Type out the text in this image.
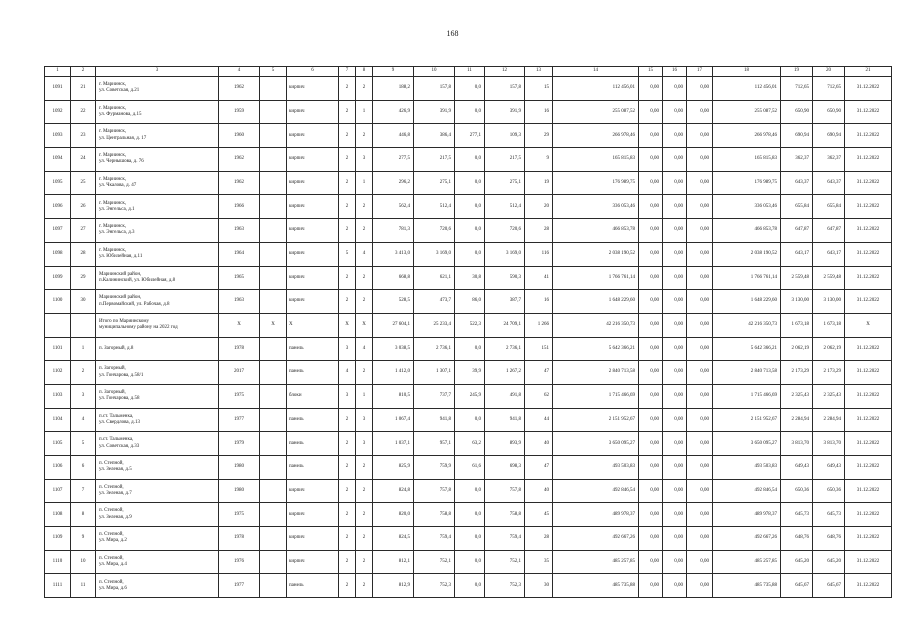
168
1	2	3	4	5	6	7	8	9	10	11	12	13	14	15	16	17	18	19	20	21
1091	21	г. Мариинск,
ул. Советская, д.21	1962		кирпич	2	2	188,2	157,8	0,0	157,8	15	112 456,01	0,00	0,00	0,00	112 456,01	712,65	712,65	31.12.2022
1092	22	г. Мариинск,
ул. Фурманова, д.15	1959		кирпич	2	1	426,9	391,9	0,0	391,9	16	255 087,52	0,00	0,00	0,00	255 087,52	650,90	650,90	31.12.2022
1093	23	г. Мариинск,
ул. Центральная, д. 17	1960		кирпич	2	2	446,8	386,4	277,1	109,3	29	266 978,46	0,00	0,00	0,00	266 978,46	690,94	690,94	31.12.2022
1094	24	г. Мариинск,
ул. Чернышова, д. 76	1962		кирпич	2	3	277,5	217,5	0,0	217,5	9	165 815,83	0,00	0,00	0,00	165 815,83	362,37	362,37	31.12.2022
1095	25	г. Мариинск,
ул. Чкалова, д. 47	1962		кирпич	2	1	296,2	275,1	0,0	275,1	19	176 989,75	0,00	0,00	0,00	176 989,75	643,37	643,37	31.12.2022
1096	26	г. Мариинск,
ул. Энгельса, д.1	1966		кирпич	2	2	562,4	512,4	0,0	512,4	20	336 053,46	0,00	0,00	0,00	336 053,46	655,84	655,84	31.12.2022
1097	27	г. Мариинск,
ул. Энгельса, д.3	1963		кирпич	2	2	781,3	720,6	0,0	720,6	28	466 853,78	0,00	0,00	0,00	466 853,78	647,87	647,87	31.12.2022
1098	28	г. Мариинск,
ул. Юбилейная, д.11	1964		кирпич	5	4	3 413,0	3 169,0	0,0	3 169,0	116	2 038 190,52	0,00	0,00	0,00	2 038 190,52	643,17	643,17	31.12.2022
1099	29	Мариинский район,
п.Калининский, ул. Юбилейная, д.8	1965		кирпич	2	2	668,8	621,1	30,8	590,3	41	1 766 761,14	0,00	0,00	0,00	1 766 761,14	2 559,48	2 559,48	31.12.2022
1100	30	Мариинский район,
п.Первомайский, ул. Рабочая, д.8	1963		кирпич	2	2	528,5	473,7	86,0	387,7	16	1 648 229,60	0,00	0,00	0,00	1 648 229,60	3 130,00	3 130,00	31.12.2022

		Итого по Мариинскому
муниципальному району на 2022 год	X	X	X	X	X	27 604,1	25 233,4	522,3	24 709,1	1 266	42 216 350,73	0,00	0,00	0,00	42 216 350,73	1 673,18	1 673,18	X
1101	1	п. Загорный, д.8	1978		панель	3	4	3 038,5	2 736,1	0,0	2 736,1	151	5 642 366,21	0,00	0,00	0,00	5 642 366,21	2 062,19	2 062,19	31.12.2022
1102	2	п. Загорный,
ул. Гончарова, д.58/1	2017		панель	4	2	1 412,0	1 307,1	39,9	1 267,2	47	2 840 713,58	0,00	0,00	0,00	2 840 713,58	2 173,29	2 173,29	31.12.2022
1103	3	п. Загорный,
ул. Гончарова, д.58	1975		блоки	3	1	810,5	737,7	245,9	491,8	62	1 715 466,69	0,00	0,00	0,00	1 715 466,69	2 325,43	2 325,43	31.12.2022
1104	4	п.ст. Тальменка,
ул. Свердлова, д.13	1977		панель	2	3	1 067,4	941,8	0,0	941,8	44	2 151 952,67	0,00	0,00	0,00	2 151 952,67	2 284,94	2 284,94	31.12.2022
1105	5	п.ст. Тальменка,
ул. Советская, д.33	1979		панель	2	3	1 037,1	957,1	63,2	893,9	40	3 650 095,27	0,00	0,00	0,00	3 650 095,27	3 813,70	3 813,70	31.12.2022
1106	6	п. Степной,
ул. Зеленая, д.5	1980		панель	2	2	825,9	759,9	61,6	698,3	47	493 503,83	0,00	0,00	0,00	493 503,83	649,43	649,43	31.12.2022
1107	7	п. Степной,
ул. Зеленая, д.7	1980		кирпич	2	2	824,8	757,8	0,0	757,8	40	492 846,54	0,00	0,00	0,00	492 846,54	650,36	650,36	31.12.2022
1108	8	п. Степной,
ул. Зеленая, д.9	1975		кирпич	2	2	820,0	758,8	0,0	758,8	45	489 978,37	0,00	0,00	0,00	489 978,37	645,73	645,73	31.12.2022
1109	9	п. Степной,
ул. Мира, д.2	1978		кирпич	2	2	824,5	759,4	0,0	759,4	28	492 667,26	0,00	0,00	0,00	492 667,26	648,76	648,76	31.12.2022
1110	10	п. Степной,
ул. Мира, д.4	1976		кирпич	2	2	812,1	752,1	0,0	752,1	35	485 257,85	0,00	0,00	0,00	485 257,85	645,20	645,20	31.12.2022
1111	11	п. Степной,
ул. Мира, д.6	1977		панель	2	2	812,9	752,3	0,0	752,3	30	485 735,88	0,00	0,00	0,00	485 735,88	645,67	645,67	31.12.2022
